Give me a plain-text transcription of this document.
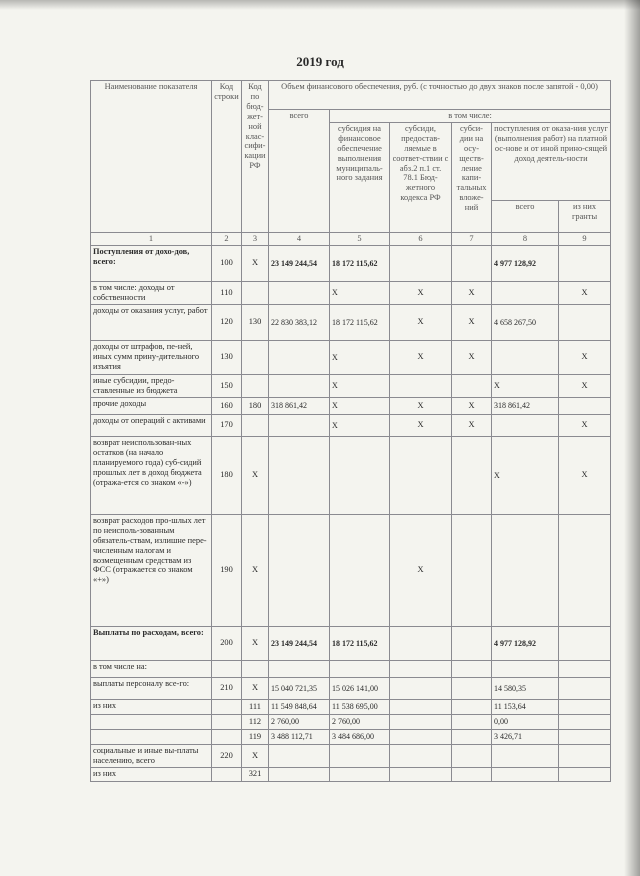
2019 год
Наименование показателя	Код строки	Код по бюд-жет-ной клас-сифи-кации РФ	Объем финансового обеспечения, руб. (с точностью до двух знаков после запятой - 0,00)					
			всего	в том числе:				
				субсидия на финансовое обеспечение выполнения муниципаль-ного задания	субсиди, предостав-ляемые в соответ-ствии с абз.2 п.1 ст. 78.1 Бюд-жетного кодекса РФ	субси-дии на осу-ществ-ление капи-тальных вложе-ний	поступления от оказа-ния услуг (выполнения работ) на платной ос-нове и от иной прино-сящей доход деятель-ности	
							всего	из них гранты
1	2	3	4	5	6	7	8	9
Поступления от дохо-дов, всего:	100	Х	23 149 244,54	18 172 115,62			4 977 128,92	
в том числе: доходы от собственности	110			Х	Х	Х		Х
доходы от оказания услуг, работ	120	130	22 830 383,12	18 172 115,62	Х	Х	4 658 267,50	
доходы от штрафов, пе-ней, иных сумм прину-дительного изъятия	130			Х	Х	Х		Х
иные субсидии, предо-ставленные из бюджета	150			Х			Х	Х
прочие доходы	160	180	318 861,42	Х	Х	Х	318 861,42	
доходы от операций с активами	170			Х	Х	Х		Х
возврат неиспользован-ных остатков (на начало планируемого года) суб-сидий прошлых лет в доход бюджета (отража-ется со знаком «-»)	180	Х					Х	Х
возврат расходов про-шлых лет по неисполь-зованным обязатель-ствам, излишне пере-численным налогам и возмещенным средствам из ФСС (отражается со знаком «+»)	190	Х			Х			
Выплаты по расходам, всего:	200	Х	23 149 244,54	18 172 115,62			4 977 128,92	
в том числе на:								
выплаты персоналу все-го:	210	Х	15 040 721,35	15 026 141,00			14 580,35	
из них		111	11 549 848,64	11 538 695,00			11 153,64	
		112	2 760,00	2 760,00			0,00	
		119	3 488 112,71	3 484 686,00			3 426,71	
социальные и иные вы-платы населению, всего	220	Х						
из них		321						
